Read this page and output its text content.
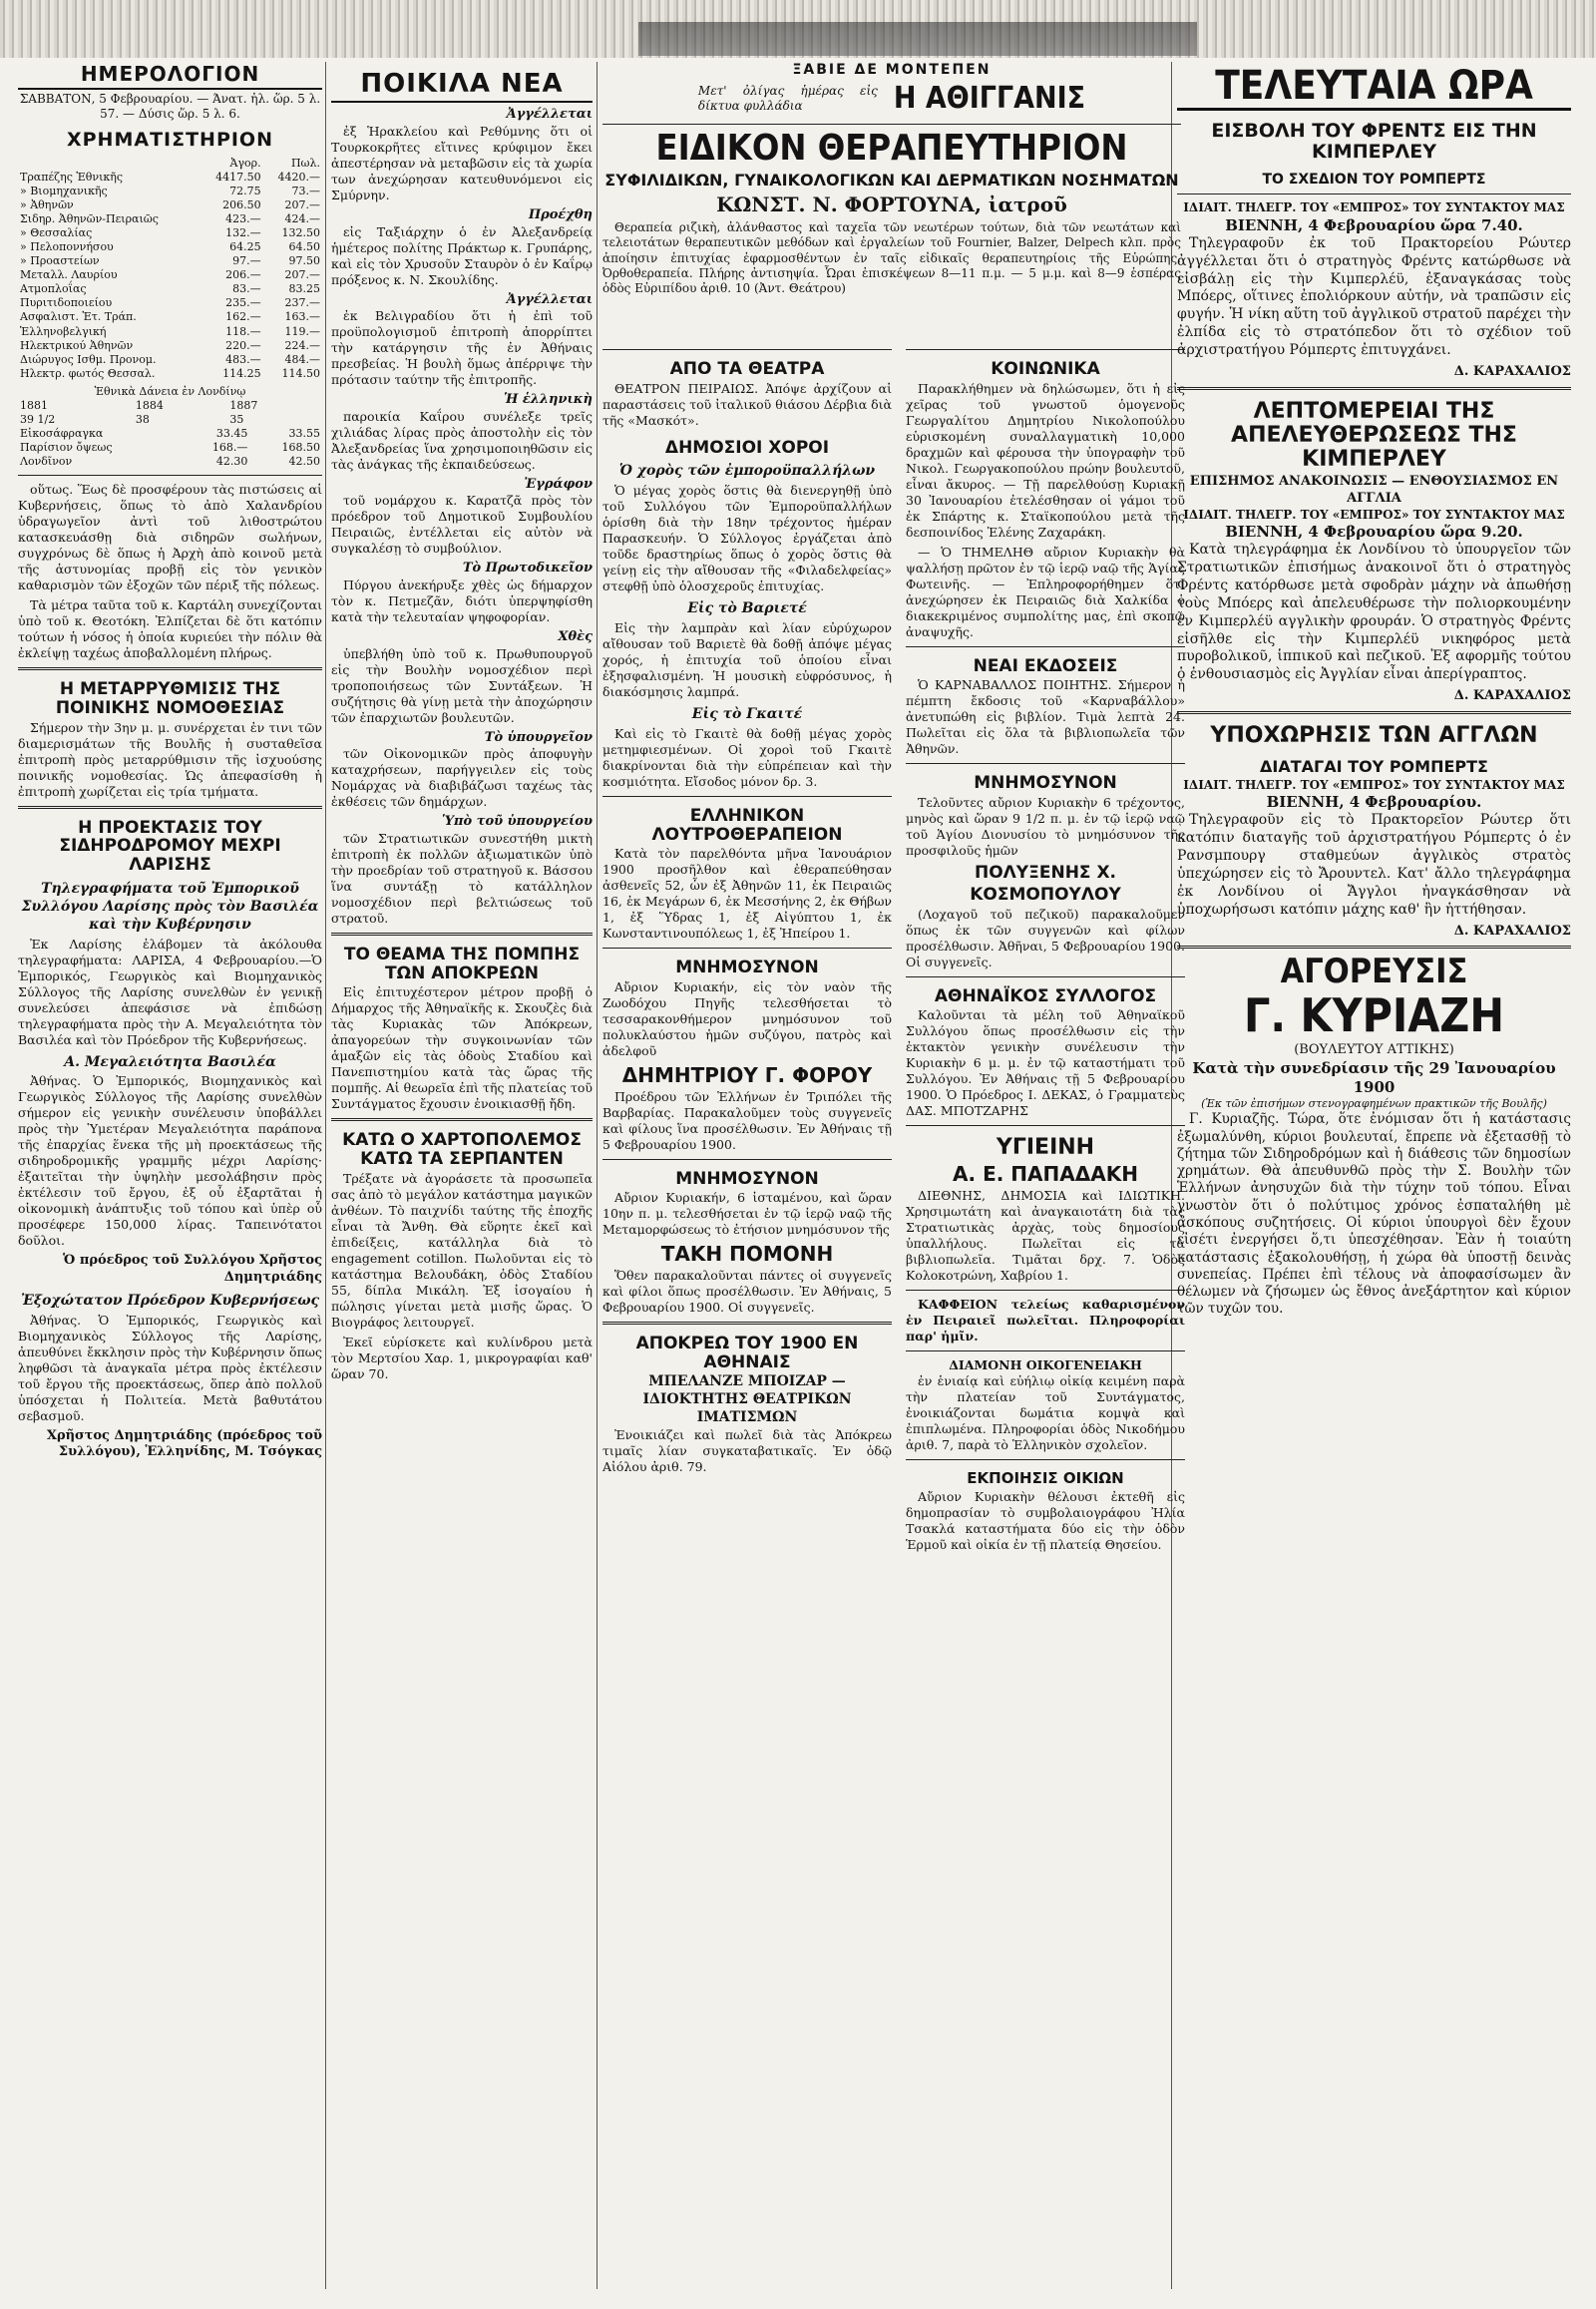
ΗΜΕΡΟΛΟΓΙΟΝ
ΣΑΒΒΑΤΟΝ, 5 Φεβρουαρίου. — Άνατ. ἡλ. ὥρ. 5 λ. 57. — Δύσις ὥρ. 5 λ. 6.
ΧΡΗΜΑΤΙΣΤΗΡΙΟΝ
	Ἀγορ.	Πωλ.
Τραπέζης Ἐθνικῆς	4417.50	4420.—
» Βιομηχανικῆς	72.75	73.—
» Ἀθηνῶν	206.50	207.—
Σιδηρ. Ἀθηνῶν-Πειραιῶς	423.—	424.—
» Θεσσαλίας	132.—	132.50
» Πελοποννήσου	64.25	64.50
» Προαστείων	97.—	97.50
Μεταλλ. Λαυρίου	206.—	207.—
Ατμοπλοΐας	83.—	83.25
Πυριτιδοποιείου	235.—	237.—
Ασφαλιστ. Ἑτ. Τράπ.	162.—	163.—
Ἑλληνοβελγική	118.—	119.—
Ηλεκτρικού Ἀθηνῶν	220.—	224.—
Διώρυγος Ισθμ. Προνομ.	483.—	484.—
Ηλεκτρ. φωτός Θεσσαλ.	114.25	114.50
Ἐθνικὰ Δάνεια ἐν Λονδίνῳ
1881	1884	1887
39 1/2	38	35
Εἰκοσάφραγκα	33.45	33.55
Παρίσιον ὄψεως	168.—	168.50
Λονδῖνον	42.30	42.50

οὕτως. Ἕως δὲ προσφέρουν τὰς πιστώσεις αἱ Κυβερνήσεις, ὅπως τὸ ἀπὸ Χαλανδρίου ὑδραγωγεῖον ἀντὶ τοῦ λιθοστρώτου κατασκευάσθῃ διὰ σιδηρῶν σωλήνων, συγχρόνως δὲ ὅπως ἡ Ἀρχὴ ἀπὸ κοινοῦ μετὰ τῆς ἀστυνομίας προβῇ εἰς τὸν γενικὸν καθαρισμὸν τῶν ἐξοχῶν τῶν πέριξ τῆς πόλεως.

Τὰ μέτρα ταῦτα τοῦ κ. Καρτάλη συνεχίζονται ὑπὸ τοῦ κ. Θεοτόκη. Ἐλπίζεται δὲ ὅτι κατόπιν τούτων ἡ νόσος ἡ ὁποία κυριεύει τὴν πόλιν θὰ ἐκλείψῃ ταχέως ἀποβαλλομένη πλήρως.

Η ΜΕΤΑΡΡΥΘΜΙΣΙΣ ΤΗΣ ΠΟΙΝΙΚΗΣ ΝΟΜΟΘΕΣΙΑΣ

Σήμερον τὴν 3ην μ. μ. συνέρχεται ἐν τινι τῶν διαμερισμάτων τῆς Βουλῆς ἡ συσταθεῖσα ἐπιτροπὴ πρὸς μεταρρύθμισιν τῆς ἰσχυούσης ποινικῆς νομοθεσίας. Ὡς ἀπεφασίσθη ἡ ἐπιτροπὴ χωρίζεται εἰς τρία τμήματα.

Η ΠΡΟΕΚΤΑΣΙΣ ΤΟΥ ΣΙΔΗΡΟΔΡΟΜΟΥ ΜΕΧΡΙ ΛΑΡΙΣΗΣ
Τηλεγραφήματα τοῦ Ἐμπορικοῦ Συλλόγου Λαρίσης πρὸς τὸν Βασιλέα καὶ τὴν Κυβέρνησιν

Ἐκ Λαρίσης ἐλάβομεν τὰ ἀκόλουθα τηλεγραφήματα: ΛΑΡΙΣΑ, 4 Φεβρουαρίου.—Ὁ Ἐμπορικός, Γεωργικὸς καὶ Βιομηχανικὸς Σύλλογος τῆς Λαρίσης συνελθὼν ἐν γενικῇ συνελεύσει ἀπεφάσισε νὰ ἐπιδώσῃ τηλεγραφήματα πρὸς τὴν Α. Μεγαλειότητα τὸν Βασιλέα καὶ τὸν Πρόεδρον τῆς Κυβερνήσεως.

Α. Μεγαλειότητα Βασιλέα

Ἀθήνας. Ὁ Ἐμπορικός, Βιομηχανικὸς καὶ Γεωργικὸς Σύλλογος τῆς Λαρίσης συνελθὼν σήμερον εἰς γενικὴν συνέλευσιν ὑποβάλλει πρὸς τὴν Ὑμετέραν Μεγαλειότητα παράπονα τῆς ἐπαρχίας ἕνεκα τῆς μὴ προεκτάσεως τῆς σιδηροδρομικῆς γραμμῆς μέχρι Λαρίσης· ἐξαιτεῖται τὴν ὑψηλὴν μεσολάβησιν πρὸς ἐκτέλεσιν τοῦ ἔργου, ἐξ οὗ ἐξαρτᾶται ἡ οἰκονομικὴ ἀνάπτυξις τοῦ τόπου καὶ ὑπὲρ οὗ προσέφερε 150,000 λίρας. Ταπεινότατοι δοῦλοι.

Ὁ πρόεδρος τοῦ Συλλόγου Χρῆστος Δημητριάδης
Ἐξοχώτατον Πρόεδρον Κυβερνήσεως

Ἀθήνας. Ὁ Ἐμπορικός, Γεωργικὸς καὶ Βιομηχανικὸς Σύλλογος τῆς Λαρίσης, ἀπευθύνει ἔκκλησιν πρὸς τὴν Κυβέρνησιν ὅπως ληφθῶσι τὰ ἀναγκαῖα μέτρα πρὸς ἐκτέλεσιν τοῦ ἔργου τῆς προεκτάσεως, ὅπερ ἀπὸ πολλοῦ ὑπόσχεται ἡ Πολιτεία. Μετὰ βαθυτάτου σεβασμοῦ.

Χρῆστος Δημητριάδης (πρόεδρος τοῦ Συλλόγου), Ἑλληνίδης, Μ. Τσόγκας
ΠΟΙΚΙΛΑ ΝΕΑ
Ἀγγέλλεται

ἐξ Ἡρακλείου καὶ Ρεθύμνης ὅτι οἱ Τουρκοκρῆτες εἴτινες κρύφιμον ἔκει ἀπεστέρησαν νὰ μεταβῶσιν εἰς τὰ χωρία των ἀνεχώρησαν κατευθυνόμενοι εἰς Σμύρνην.

Προέχθη

εἰς Ταξιάρχην ὁ ἐν Ἀλεξανδρείᾳ ἡμέτερος πολίτης Πράκτωρ κ. Γρυπάρης, καὶ εἰς τὸν Χρυσοῦν Σταυρὸν ὁ ἐν Καΐρῳ πρόξενος κ. Ν. Σκουλίδης.

Ἀγγέλλεται

ἐκ Βελιγραδίου ὅτι ἡ ἐπὶ τοῦ προϋπολογισμοῦ ἐπιτροπὴ ἀπορρίπτει τὴν κατάργησιν τῆς ἐν Ἀθήναις πρεσβείας. Ἡ βουλὴ ὅμως ἀπέρριψε τὴν πρότασιν ταύτην τῆς ἐπιτροπῆς.

Ἡ ἑλληνικὴ

παροικία Καΐρου συνέλεξε τρεῖς χιλιάδας λίρας πρὸς ἀποστολὴν εἰς τὸν Ἀλεξανδρείας ἵνα χρησιμοποιηθῶσιν εἰς τὰς ἀνάγκας τῆς ἐκπαιδεύσεως.

Ἐγράφον

τοῦ νομάρχου κ. Καρατζᾶ πρὸς τὸν πρόεδρον τοῦ Δημοτικοῦ Συμβουλίου Πειραιῶς, ἐντέλλεται εἰς αὐτὸν νὰ συγκαλέσῃ τὸ συμβούλιον.

Τὸ Πρωτοδικεῖον

Πύργου ἀνεκήρυξε χθὲς ὡς δήμαρχον τὸν κ. Πετμεζᾶν, διότι ὑπερψηφίσθη κατὰ τὴν τελευταίαν ψηφοφορίαν.

Χθὲς

ὑπεβλήθη ὑπὸ τοῦ κ. Πρωθυπουργοῦ εἰς τὴν Βουλὴν νομοσχέδιον περὶ τροποποιήσεως τῶν Συντάξεων. Ἡ συζήτησις θὰ γίνῃ μετὰ τὴν ἀποχώρησιν τῶν ἐπαρχιωτῶν βουλευτῶν.

Τὸ ὑπουργεῖον

τῶν Οἰκονομικῶν πρὸς ἀποφυγὴν καταχρήσεων, παρήγγειλεν εἰς τοὺς Νομάρχας νὰ διαβιβάζωσι ταχέως τὰς ἐκθέσεις τῶν δημάρχων.

Ὑπὸ τοῦ ὑπουργείου

τῶν Στρατιωτικῶν συνεστήθη μικτὴ ἐπιτροπὴ ἐκ πολλῶν ἀξιωματικῶν ὑπὸ τὴν προεδρίαν τοῦ στρατηγοῦ κ. Βάσσου ἵνα συντάξῃ τὸ κατάλληλον νομοσχέδιον περὶ βελτιώσεως τοῦ στρατοῦ.

ΤΟ ΘΕΑΜΑ ΤΗΣ ΠΟΜΠΗΣ ΤΩΝ ΑΠΟΚΡΕΩΝ

Εἰς ἐπιτυχέστερον μέτρον προβῇ ὁ Δήμαρχος τῆς Ἀθηναϊκῆς κ. Σκουζὲς διὰ τὰς Κυριακὰς τῶν Ἀπόκρεων, ἀπαγορεύων τὴν συγκοινωνίαν τῶν ἁμαξῶν εἰς τὰς ὁδοὺς Σταδίου καὶ Πανεπιστημίου κατὰ τὰς ὥρας τῆς πομπῆς. Αἱ θεωρεῖα ἐπὶ τῆς πλατείας τοῦ Συντάγματος ἔχουσιν ἐνοικιασθῇ ἤδη.

ΚΑΤΩ Ο ΧΑΡΤΟΠΟΛΕΜΟΣ ΚΑΤΩ ΤΑ ΣΕΡΠΑΝΤΕΝ

Τρέξατε νὰ ἀγοράσετε τὰ προσωπεῖα σας ἀπὸ τὸ μεγάλον κατάστημα μαγικῶν ἀνθέων. Τὸ παιχνίδι ταύτης τῆς ἐποχῆς εἶναι τὰ Ἄνθη. Θὰ εὕρητε ἐκεῖ καὶ ἐπιδείξεις, κατάλληλα διὰ τὸ engagement cotillon. Πωλοῦνται εἰς τὸ κατάστημα Βελουδάκη, ὁδὸς Σταδίου 55, δίπλα Μικάλη. Ἐξ ἰσογαίου ἡ πώλησις γίνεται μετὰ μισῆς ὥρας. Ὁ Βιογράφος λειτουργεῖ.

Ἐκεῖ εὑρίσκετε καὶ κυλίνδρου μετὰ τὸν Μερτσίου Χαρ. 1, μικρογραφίαι καθ' ὥραν 70.

ΞΑΒΙΕ ΔΕ ΜΟΝΤΕΠΕΝ
Μετ' ὀλίγας ἡμέρας εἰς δίκτυα φυλλάδια	Η ΑΘΙΓΓΑΝΙΣ
ΕΙΔΙΚΟΝ ΘΕΡΑΠΕΥΤΗΡΙΟΝ
ΣΥΦΙΛΙΔΙΚΩΝ, ΓΥΝΑΙΚΟΛΟΓΙΚΩΝ ΚΑΙ ΔΕΡΜΑΤΙΚΩΝ ΝΟΣΗΜΑΤΩΝ
ΚΩΝΣΤ. Ν. ΦΟΡΤΟΥΝΑ, ἰατροῦ

Θεραπεία ριζικὴ, ἀλάνθαστος καὶ ταχεῖα τῶν νεωτέρων τούτων, διὰ τῶν νεωτάτων καὶ τελειοτάτων θεραπευτικῶν μεθόδων καὶ ἐργαλείων τοῦ Fournier, Balzer, Delpech κλπ. πρὸς ἀποίησιν ἐπιτυχίας ἐφαρμοσθέντων ἐν ταῖς εἰδικαῖς θεραπευτηρίοις τῆς Εὐρώπης. Ὀρθοθεραπεία. Πλήρης ἀντισηψία. Ὧραι ἐπισκέψεων 8—11 π.μ. — 5 μ.μ. καὶ 8—9 ἑσπέρας ὁδὸς Εὐριπίδου ἀριθ. 10 (Ἀντ. Θεάτρου)

ΑΠΟ ΤΑ ΘΕΑΤΡΑ

ΘΕΑΤΡΟΝ ΠΕΙΡΑΙΩΣ. Ἀπόψε ἀρχίζουν αἱ παραστάσεις τοῦ ἰταλικοῦ θιάσου Δέρβια διὰ τῆς «Μασκότ».

ΔΗΜΟΣΙΟΙ ΧΟΡΟΙ
Ὁ χορὸς τῶν ἐμποροϋπαλλήλων

Ὁ μέγας χορὸς ὅστις θὰ διενεργηθῇ ὑπὸ τοῦ Συλλόγου τῶν Ἐμποροϋπαλλήλων ὁρίσθη διὰ τὴν 18ην τρέχοντος ἡμέραν Παρασκευήν. Ὁ Σύλλογος ἐργάζεται ἀπὸ τοῦδε δραστηρίως ὅπως ὁ χορὸς ὅστις θὰ γείνῃ εἰς τὴν αἴθουσαν τῆς «Φιλαδελφείας» στεφθῇ ὑπὸ ὁλοσχεροῦς ἐπιτυχίας.

Εἰς τὸ Βαριετέ

Εἰς τὴν λαμπρὰν καὶ λίαν εὐρύχωρον αἴθουσαν τοῦ Βαριετὲ θὰ δοθῇ ἀπόψε μέγας χορός, ἡ ἐπιτυχία τοῦ ὁποίου εἶναι ἐξησφαλισμένη. Ἡ μουσικὴ εὐφρόσυνος, ἡ διακόσμησις λαμπρά.

Εἰς τὸ Γκαιτέ

Καὶ εἰς τὸ Γκαιτὲ θὰ δοθῇ μέγας χορὸς μετημφιεσμένων. Οἱ χοροὶ τοῦ Γκαιτὲ διακρίνονται διὰ τὴν εὐπρέπειαν καὶ τὴν κοσμιότητα. Εἴσοδος μόνον δρ. 3.

ΕΛΛΗΝΙΚΟΝ ΛΟΥΤΡΟΘΕΡΑΠΕΙΟΝ

Κατὰ τὸν παρελθόντα μῆνα Ἰανουάριον 1900 προσῆλθον καὶ ἐθεραπεύθησαν ἀσθενεῖς 52, ὧν ἐξ Ἀθηνῶν 11, ἐκ Πειραιῶς 16, ἐκ Μεγάρων 6, ἐκ Μεσσήνης 2, ἐκ Θήβων 1, ἐξ Ὕδρας 1, ἐξ Αἰγύπτου 1, ἐκ Κωνσταντινουπόλεως 1, ἐξ Ἠπείρου 1.

ΜΝΗΜΟΣΥΝΟΝ

Αὔριον Κυριακήν, εἰς τὸν ναὸν τῆς Ζωοδόχου Πηγῆς τελεσθήσεται τὸ τεσσαρακονθήμερον μνημόσυνον τοῦ πολυκλαύστου ἡμῶν συζύγου, πατρὸς καὶ ἀδελφοῦ

ΔΗΜΗΤΡΙΟΥ Γ. ΦΟΡΟΥ

Προέδρου τῶν Ἑλλήνων ἐν Τριπόλει τῆς Βαρβαρίας. Παρακαλοῦμεν τοὺς συγγενεῖς καὶ φίλους ἵνα προσέλθωσιν. Ἐν Ἀθήναις τῇ 5 Φεβρουαρίου 1900.

ΜΝΗΜΟΣΥΝΟΝ

Αὔριον Κυριακήν, 6 ἱσταμένου, καὶ ὥραν 10ην π. μ. τελεσθήσεται ἐν τῷ ἱερῷ ναῷ τῆς Μεταμορφώσεως τὸ ἐτήσιον μνημόσυνον τῆς

ΤΑΚΗ ΠΟΜΟΝΗ

Ὅθεν παρακαλοῦνται πάντες οἱ συγγενεῖς καὶ φίλοι ὅπως προσέλθωσιν. Ἐν Ἀθήναις, 5 Φεβρουαρίου 1900. Οἱ συγγενεῖς.

ΑΠΟΚΡΕΩ ΤΟΥ 1900 ΕΝ ΑΘΗΝΑΙΣ
ΜΠΕΛΑΝΖΕ ΜΠΟΙΖΑΡ — ΙΔΙΟΚΤΗΤΗΣ ΘΕΑΤΡΙΚΩΝ ΙΜΑΤΙΣΜΩΝ

Ἐνοικιάζει καὶ πωλεῖ διὰ τὰς Ἀπόκρεω τιμαῖς λίαν συγκαταβατικαῖς. Ἐν ὁδῷ Αἰόλου ἀριθ. 79.

ΚΟΙΝΩΝΙΚΑ

Παρακλήθημεν νὰ δηλώσωμεν, ὅτι ἡ εἰς χεῖρας τοῦ γνωστοῦ ὁμογενοῦς Γεωργαλίτου Δημητρίου Νικολοπούλου εὑρισκομένη συναλλαγματικὴ 10,000 δραχμῶν καὶ φέρουσα τὴν ὑπογραφὴν τοῦ Νικολ. Γεωργακοπούλου πρώην βουλευτοῦ, εἶναι ἄκυρος. — Τῇ παρελθούσῃ Κυριακῇ 30 Ἰανουαρίου ἐτελέσθησαν οἱ γάμοι τοῦ ἐκ Σπάρτης κ. Σταϊκοπούλου μετὰ τῆς δεσποινίδος Ἑλένης Ζαχαράκη.

— Ὁ ΤΗΜΕΛΗΘ αὔριον Κυριακὴν θὰ ψαλλήσῃ πρῶτον ἐν τῷ ἱερῷ ναῷ τῆς Ἁγίας Φωτεινῆς. — Ἐπληροφορήθημεν ὅτι ἀνεχώρησεν ἐκ Πειραιῶς διὰ Χαλκίδα ὁ διακεκριμένος συμπολίτης μας, ἐπὶ σκοπῷ ἀναψυχῆς.

ΝΕΑΙ ΕΚΔΟΣΕΙΣ

Ὁ ΚΑΡΝΑΒΑΛΛΟΣ ΠΟΙΗΤΗΣ. Σήμερον ἡ πέμπτη ἔκδοσις τοῦ «Καρναβάλλου» ἀνετυπώθη εἰς βιβλίον. Τιμὰ λεπτὰ 24. Πωλεῖται εἰς ὅλα τὰ βιβλιοπωλεῖα τῶν Ἀθηνῶν.

ΜΝΗΜΟΣΥΝΟΝ

Τελοῦντες αὔριον Κυριακὴν 6 τρέχοντος, μηνὸς καὶ ὥραν 9 1/2 π. μ. ἐν τῷ ἱερῷ ναῷ τοῦ Ἁγίου Διονυσίου τὸ μνημόσυνον τῆς προσφιλοῦς ἡμῶν

ΠΟΛΥΞΕΝΗΣ Χ. ΚΟΣΜΟΠΟΥΛΟΥ

(Λοχαγοῦ τοῦ πεζικοῦ) παρακαλοῦμεν ὅπως ἐκ τῶν συγγενῶν καὶ φίλων προσέλθωσιν. Ἀθῆναι, 5 Φεβρουαρίου 1900. Οἱ συγγενεῖς.

ΑΘΗΝΑΪΚΟΣ ΣΥΛΛΟΓΟΣ

Καλοῦνται τὰ μέλη τοῦ Ἀθηναϊκοῦ Συλλόγου ὅπως προσέλθωσιν εἰς τὴν ἐκτακτὸν γενικὴν συνέλευσιν τὴν Κυριακὴν 6 μ. μ. ἐν τῷ καταστήματι τοῦ Συλλόγου. Ἐν Ἀθήναις τῇ 5 Φεβρουαρίου 1900. Ὁ Πρόεδρος Ι. ΔΕΚΑΣ, ὁ Γραμματεὺς ΔΑΣ. ΜΠΟΤΖΑΡΗΣ

ΥΓΙΕΙΝΗ
Α. Ε. ΠΑΠΑΔΑΚΗ

ΔΙΕΘΝΗΣ, ΔΗΜΟΣΙΑ καὶ ΙΔΙΩΤΙΚΗ. Χρησιμωτάτη καὶ ἀναγκαιοτάτη διὰ τὰς Στρατιωτικὰς ἀρχὰς, τοὺς δημοσίους ὑπαλλήλους. Πωλεῖται εἰς τὰ βιβλιοπωλεῖα. Τιμᾶται δρχ. 7. Ὁδὸς Κολοκοτρώνη, Χαβρίου 1.

ΚΑΦΦΕΙΟΝ τελείως καθαρισμένον ἐν Πειραιεῖ πωλεῖται. Πληροφορίαι παρ' ἡμῖν.

ΔΙΑΜΟΝΗ ΟΙΚΟΓΕΝΕΙΑΚΗ

ἐν ἑνιαίᾳ καὶ εὐήλιῳ οἰκίᾳ κειμένη παρὰ τὴν πλατείαν τοῦ Συντάγματος, ἐνοικιάζονται δωμάτια κομψὰ καὶ ἐπιπλωμένα. Πληροφορίαι ὁδὸς Νικοδήμου ἀριθ. 7, παρὰ τὸ Ἑλληνικὸν σχολεῖον.

ΕΚΠΟΙΗΣΙΣ ΟΙΚΙΩΝ

Αὔριον Κυριακὴν θέλουσι ἐκτεθῆ εἰς δημοπρασίαν τὸ συμβολαιογράφου Ἠλία Τσακλά καταστήματα δύο εἰς τὴν ὁδὸν Ἑρμοῦ καὶ οἰκία ἐν τῇ πλατείᾳ Θησείου.

ΤΕΛΕΥΤΑΙΑ ΩΡΑ
ΕΙΣΒΟΛΗ ΤΟΥ ΦΡΕΝΤΣ ΕΙΣ ΤΗΝ ΚΙΜΠΕΡΛΕΥ
ΤΟ ΣΧΕΔΙΟΝ ΤΟΥ ΡΟΜΠΕΡΤΣ
ΙΔΙΑΙΤ. ΤΗΛΕΓΡ. ΤΟΥ «ΕΜΠΡΟΣ» ΤΟΥ ΣΥΝΤΑΚΤΟΥ ΜΑΣ
ΒΙΕΝΝΗ, 4 Φεβρουαρίου ὥρα 7.40.

Τηλεγραφοῦν ἐκ τοῦ Πρακτορείου Ρώυτερ ἀγγέλλεται ὅτι ὁ στρατηγὸς Φρέντς κατώρθωσε νὰ εἰσβάλῃ εἰς τὴν Κιμπερλέϋ, ἐξαναγκάσας τοὺς Μπόερς, οἵτινες ἐπολιόρκουν αὐτήν, νὰ τραπῶσιν εἰς φυγήν. Ἡ νίκη αὕτη τοῦ ἀγγλικοῦ στρατοῦ παρέχει τὴν ἐλπίδα εἰς τὸ στρατόπεδον ὅτι τὸ σχέδιον τοῦ ἀρχιστρατήγου Ρόμπερτς ἐπιτυγχάνει.

Δ. ΚΑΡΑΧΑΛΙΟΣ
ΛΕΠΤΟΜΕΡΕΙΑΙ ΤΗΣ ΑΠΕΛΕΥΘΕΡΩΣΕΩΣ ΤΗΣ ΚΙΜΠΕΡΛΕΥ
ΕΠΙΣΗΜΟΣ ΑΝΑΚΟΙΝΩΣΙΣ — ΕΝΘΟΥΣΙΑΣΜΟΣ ΕΝ ΑΓΓΛΙΑ
ΙΔΙΑΙΤ. ΤΗΛΕΓΡ. ΤΟΥ «ΕΜΠΡΟΣ» ΤΟΥ ΣΥΝΤΑΚΤΟΥ ΜΑΣ
ΒΙΕΝΝΗ, 4 Φεβρουαρίου ὥρα 9.20.

Κατὰ τηλεγράφημα ἐκ Λονδίνου τὸ ὑπουργεῖον τῶν Στρατιωτικῶν ἐπισήμως ἀνακοινοῖ ὅτι ὁ στρατηγὸς Φρέντς κατόρθωσε μετὰ σφοδρὰν μάχην νὰ ἀπωθήσῃ τοὺς Μπόερς καὶ ἀπελευθέρωσε τὴν πολιορκουμένην ἐν Κιμπερλέϋ αγγλικὴν φρουράν. Ὁ στρατηγὸς Φρέντς εἰσῆλθε εἰς τὴν Κιμπερλέϋ νικηφόρος μετὰ πυροβολικοῦ, ἱππικοῦ καὶ πεζικοῦ. Ἐξ αφορμῆς τούτου ὁ ἐνθουσιασμὸς εἰς Ἀγγλίαν εἶναι ἀπερίγραπτος.

Δ. ΚΑΡΑΧΑΛΙΟΣ
ΥΠΟΧΩΡΗΣΙΣ ΤΩΝ ΑΓΓΛΩΝ
ΔΙΑΤΑΓΑΙ ΤΟΥ ΡΟΜΠΕΡΤΣ
ΙΔΙΑΙΤ. ΤΗΛΕΓΡ. ΤΟΥ «ΕΜΠΡΟΣ» ΤΟΥ ΣΥΝΤΑΚΤΟΥ ΜΑΣ
ΒΙΕΝΝΗ, 4 Φεβρουαρίου.

Τηλεγραφοῦν εἰς τὸ Πρακτορεῖον Ρώυτερ ὅτι κατόπιν διαταγῆς τοῦ ἀρχιστρατήγου Ρόμπερτς ὁ ἐν Ρανσμπουργ σταθμεύων ἀγγλικὸς στρατὸς ὑπεχώρησεν εἰς τὸ Ἄρουντελ. Κατ' ἄλλο τηλεγράφημα ἐκ Λονδίνου οἱ Ἄγγλοι ἠναγκάσθησαν νὰ ὑποχωρήσωσι κατόπιν μάχης καθ' ἣν ἡττήθησαν.

Δ. ΚΑΡΑΧΑΛΙΟΣ
ΑΓΟΡΕΥΣΙΣ
Γ. ΚΥΡΙΑΖΗ
(ΒΟΥΛΕΥΤΟΥ ΑΤΤΙΚΗΣ)
Κατὰ τὴν συνεδρίασιν τῆς 29 Ἰανουαρίου 1900
(Ἐκ τῶν ἐπισήμων στενογραφημένων πρακτικῶν τῆς Βουλῆς)

Γ. Κυριαζῆς. Τώρα, ὅτε ἐνόμισαν ὅτι ἡ κατάστασις ἐξωμαλύνθη, κύριοι βουλευταί, ἔπρεπε νὰ ἐξετασθῇ τὸ ζήτημα τῶν Σιδηροδρόμων καὶ ἡ διάθεσις τῶν δημοσίων χρημάτων. Θὰ ἀπευθυνθῶ πρὸς τὴν Σ. Βουλὴν τῶν Ἑλλήνων ἀνησυχῶν διὰ τὴν τύχην τοῦ τόπου. Εἶναι γνωστὸν ὅτι ὁ πολύτιμος χρόνος ἐσπαταλήθη μὲ ἀσκόπους συζητήσεις. Οἱ κύριοι ὑπουργοὶ δὲν ἔχουν εἰσέτι ἐνεργήσει ὅ,τι ὑπεσχέθησαν. Ἐὰν ἡ τοιαύτη κατάστασις ἐξακολουθήσῃ, ἡ χώρα θὰ ὑποστῇ δεινὰς συνεπείας. Πρέπει ἐπὶ τέλους νὰ ἀποφασίσωμεν ἂν θέλωμεν νὰ ζήσωμεν ὡς ἔθνος ἀνεξάρτητον καὶ κύριον τῶν τυχῶν του.
